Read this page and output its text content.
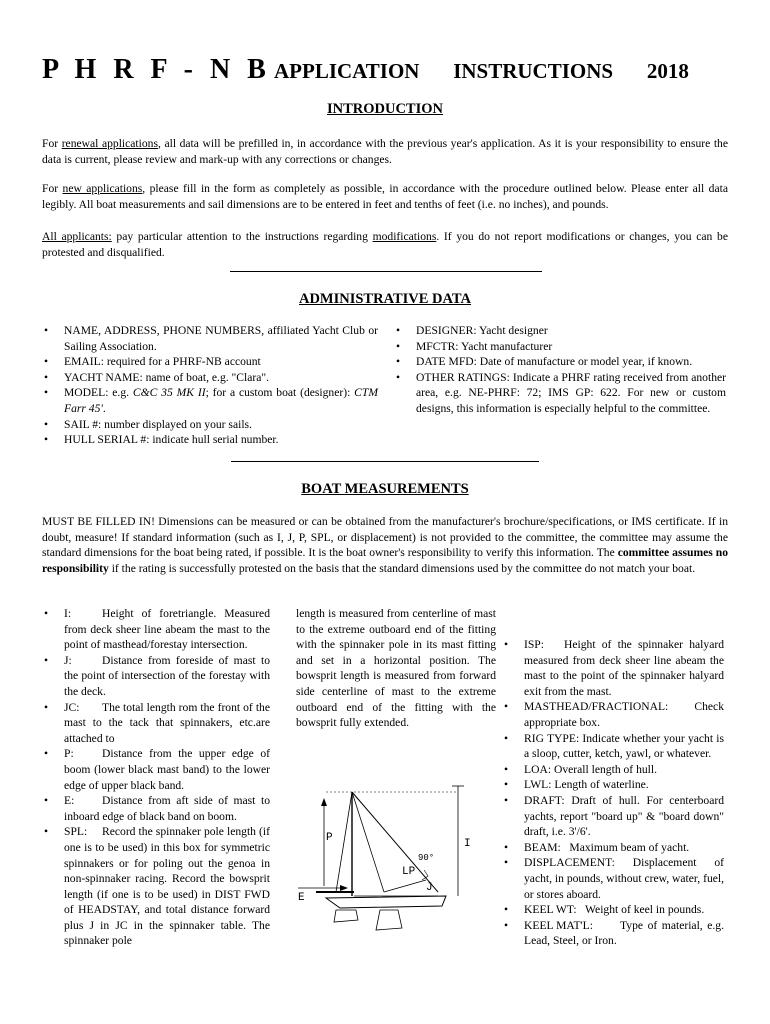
P H R F - N B APPLICATION   INSTRUCTIONS   2018
INTRODUCTION

For renewal applications, all data will be prefilled in, in accordance with the previous year's application. As it is your responsibility to ensure the data is current, please review and mark-up with any corrections or changes.

For new applications, please fill in the form as completely as possible, in accordance with the procedure outlined below. Please enter all data legibly. All boat measurements and sail dimensions are to be entered in feet and tenths of feet (i.e. no inches), and pounds.

All applicants: pay particular attention to the instructions regarding modifications. If you do not report modifications or changes, you can be protested and disqualified.

ADMINISTRATIVE DATA
• NAME, ADDRESS, PHONE NUMBERS, affiliated Yacht Club or Sailing Association.
• EMAIL: required for a PHRF-NB account
• YACHT NAME: name of boat, e.g. "Clara".
• MODEL: e.g. C&C 35 MK II; for a custom boat (designer): CTM Farr 45'.
• SAIL #: number displayed on your sails.
• HULL SERIAL #: indicate hull serial number.
• DESIGNER: Yacht designer
• MFCTR: Yacht manufacturer
• DATE MFD: Date of manufacture or model year, if known.
• OTHER RATINGS: Indicate a PHRF rating received from another area, e.g. NE-PHRF: 72; IMS GP: 622. For new or custom designs, this information is especially helpful to the committee.
BOAT MEASUREMENTS

MUST BE FILLED IN! Dimensions can be measured or can be obtained from the manufacturer's brochure/specifications, or IMS certificate. If in doubt, measure! If standard information (such as I, J, P, SPL, or displacement) is not provided to the committee, the committee may assume the standard dimensions for the boat being rated, if possible. It is the boat owner's responsibility to verify this information. The committee assumes no responsibility if the rating is successfully protested on the basis that the standard dimensions used by the committee do not match your boat.

• I:	Height of foretriangle. Measured from deck sheer line abeam the mast to the point of masthead/forestay intersection.
• J:	Distance from foreside of mast to the point of intersection of the forestay with the deck.
• JC: The total length rom the front of the mast to the tack that spinnakers, etc.are attached to
• P: Distance from the upper edge of boom (lower black mast band) to the lower edge of upper black band.
• E: Distance from aft side of mast to inboard edge of black band on boom.
• SPL: Record the spinnaker pole length (if one is to be used) in this box for symmetric spinnakers or for poling out the genoa in non-spinnaker racing. Record the bowsprit length (if one is to be used) in DIST FWD of HEADSTAY, and total distance forward plus J in JC in the spinnaker table. The spinnaker pole

length is measured from centerline of mast to the extreme outboard end of the fitting with the spinnaker pole in its mast fitting and set in a horizontal position. The bowsprit length is measured from forward side centerline of mast to the extreme outboard end of the fitting with the bowsprit fully extended.

P	I
E
LP
J
90°
• ISP: Height of the spinnaker halyard measured from deck sheer line abeam the mast to the point of the spinnaker halyard exit from the mast.
• MASTHEAD/FRACTIONAL: Check appropriate box.
• RIG TYPE: Indicate whether your yacht is a sloop, cutter, ketch, yawl, or whatever.
• LOA: Overall length of hull.
• LWL: Length of waterline.
• DRAFT: Draft of hull. For centerboard yachts, report "board up" & "board down" draft, i.e. 3'/6'.
• BEAM: Maximum beam of yacht.
• DISPLACEMENT: Displacement of yacht, in pounds, without crew, water, fuel, or stores aboard.
• KEEL WT: Weight of keel in pounds.
• KEEL MAT'L: Type of material, e.g. Lead, Steel, or Iron.
